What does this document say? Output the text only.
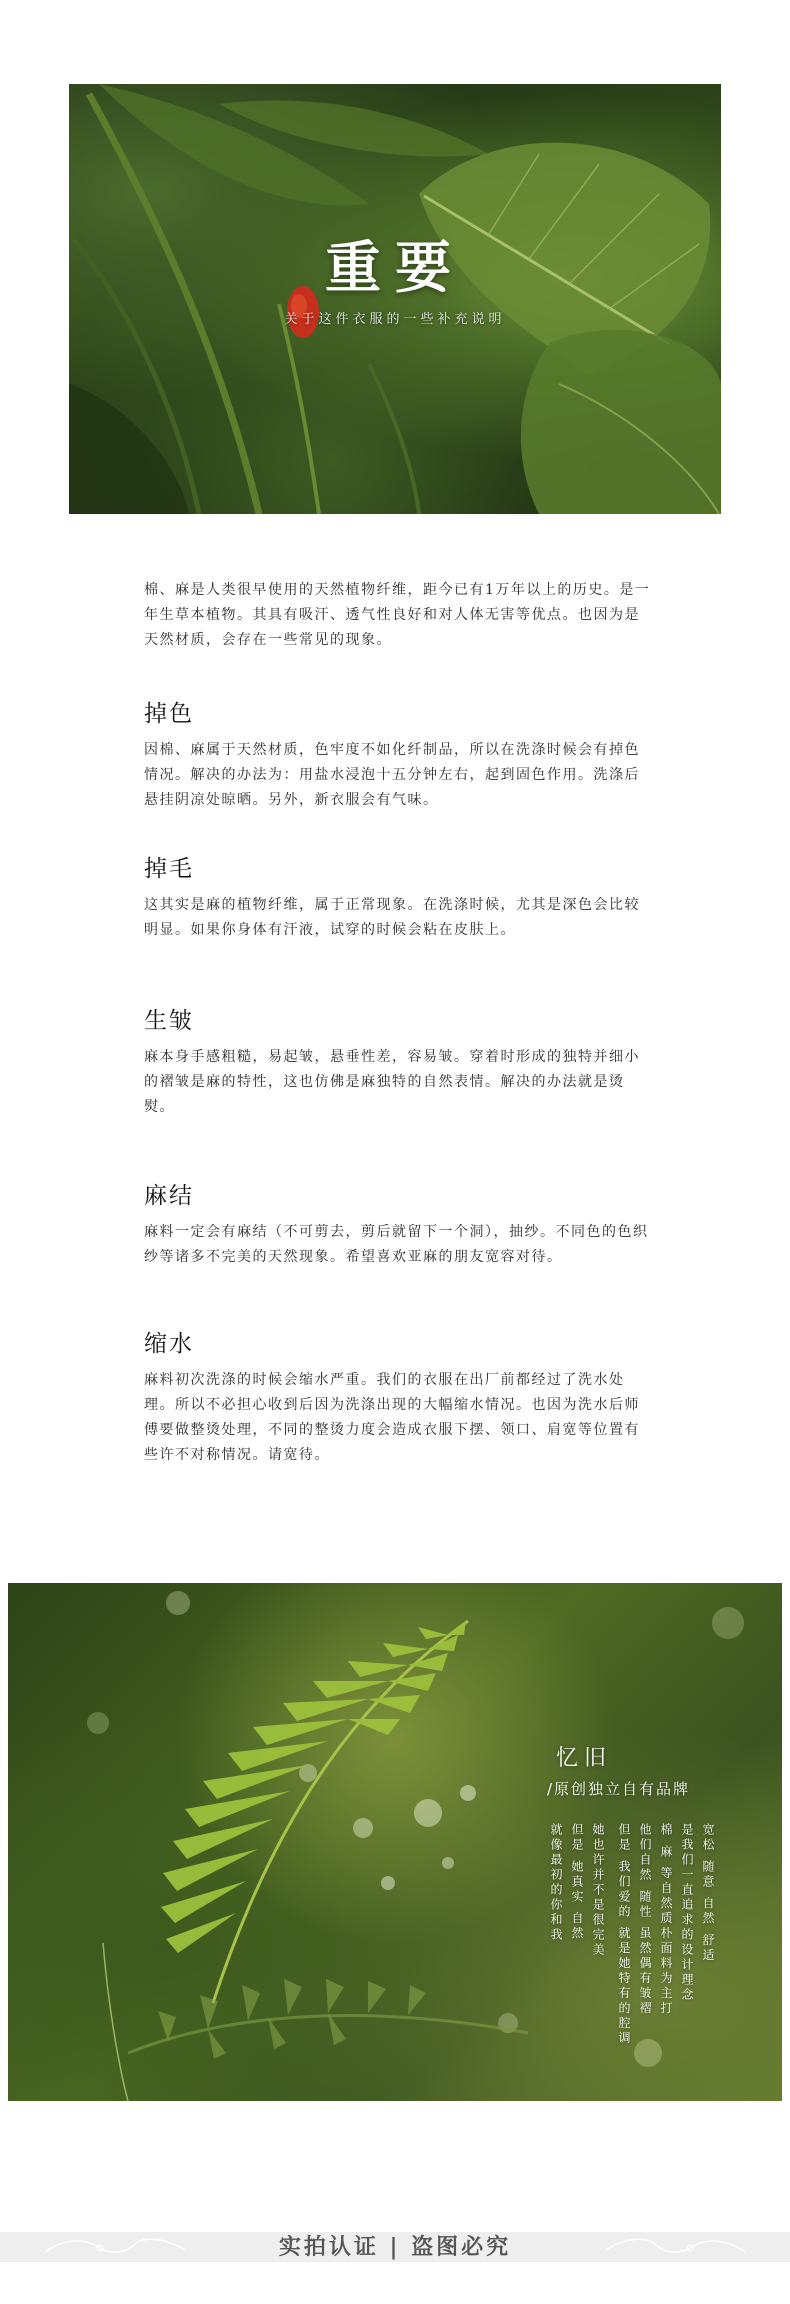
重要
关于这件衣服的一些补充说明

棉、麻是人类很早使用的天然植物纤维，距今已有1万年以上的历史。是一年生草本植物。其具有吸汗、透气性良好和对人体无害等优点。也因为是天然材质，会存在一些常见的现象。

掉色

因棉、麻属于天然材质，色牢度不如化纤制品，所以在洗涤时候会有掉色情况。解决的办法为：用盐水浸泡十五分钟左右，起到固色作用。洗涤后悬挂阴凉处晾晒。另外，新衣服会有气味。

掉毛

这其实是麻的植物纤维，属于正常现象。在洗涤时候，尤其是深色会比较明显。如果你身体有汗液，试穿的时候会粘在皮肤上。

生皱

麻本身手感粗糙，易起皱，悬垂性差，容易皱。穿着时形成的独特并细小的褶皱是麻的特性，这也仿佛是麻独特的自然表情。解决的办法就是烫熨。

麻结

麻料一定会有麻结（不可剪去，剪后就留下一个洞），抽纱。不同色的色织纱等诸多不完美的天然现象。希望喜欢亚麻的朋友宽容对待。

缩水

麻料初次洗涤的时候会缩水严重。我们的衣服在出厂前都经过了洗水处理。所以不必担心收到后因为洗涤出现的大幅缩水情况。也因为洗水后师傅要做整烫处理，不同的整烫力度会造成衣服下摆、领口、肩宽等位置有些许不对称情况。请宽待。

忆旧
/原创独立自有品牌
宽松 随意 自然 舒适
是我们一直追求的设计理念
棉 麻 等自然质朴面料为主打
他们自然 随性 虽然偶有皱褶
但是 我们爱的 就是她特有的腔调
她也许并不是很完美
但是 她真实 自然
就像最初的你和我
实拍认证 | 盗图必究
